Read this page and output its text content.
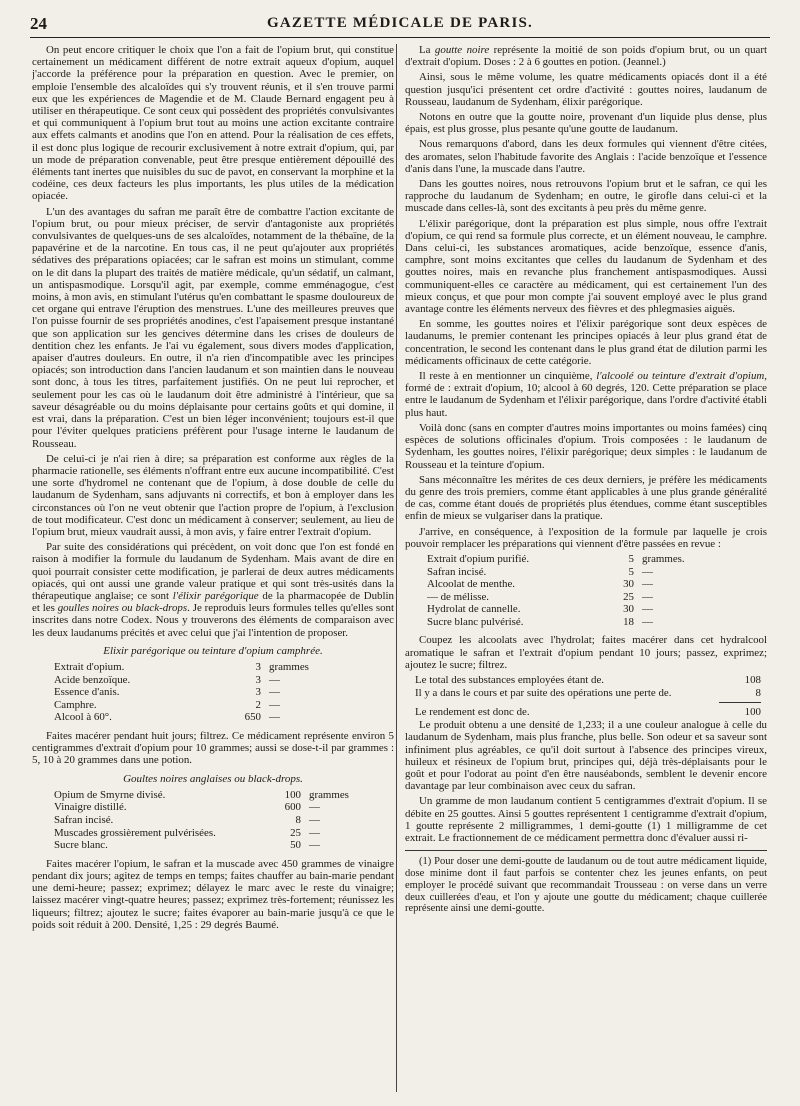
24	GAZETTE MÉDICALE DE PARIS.

On peut encore critiquer le choix que l'on a fait de l'opium brut, qui constitue certainement un médicament différent de notre extrait aqueux d'opium, auquel j'accorde la préférence pour la préparation en question. Avec le premier, on emploie l'ensemble des alcaloïdes qui s'y trouvent réunis, et il s'en trouve parmi eux que les expériences de Magendie et de M. Claude Bernard engagent peu à utiliser en thérapeutique. Ce sont ceux qui possèdent des propriétés convulsivantes et qui communiquent à l'opium brut tout au moins une action excitante contraire aux effets calmants et anodins que l'on en attend. Pour la réalisation de ces effets, il est donc plus logique de recourir exclusivement à notre extrait d'opium, qui, par un mode de préparation convenable, peut être presque entièrement dépouillé des éléments tant inertes que nuisibles du suc de pavot, en conservant la morphine et la codéine, ces deux facteurs les plus importants, les plus utiles de la médication opiacée.

L'un des avantages du safran me paraît être de combattre l'action excitante de l'opium brut, ou pour mieux préciser, de servir d'antagoniste aux propriétés convulsivantes de quelques-uns de ses alcaloïdes, notamment de la thébaïne, de la papavérine et de la narcotine. En tous cas, il ne peut qu'ajouter aux propriétés sédatives des préparations opiacées; car le safran est moins un stimulant, comme on le dit dans la plupart des traités de matière médicale, qu'un sédatif, un calmant, un antispasmodique. Lorsqu'il agit, par exemple, comme emménagogue, c'est moins, à mon avis, en stimulant l'utérus qu'en combattant le spasme douloureux de cet organe qui entrave l'éruption des menstrues. L'une des meilleures preuves que l'on puisse fournir de ses propriétés anodines, c'est l'apaisement presque instantané que son application sur les gencives détermine dans les crises de douleurs de dentition chez les enfants. Je l'ai vu également, sous divers modes d'application, apaiser d'autres douleurs. En outre, il n'a rien d'incompatible avec les principes opiacés; son introduction dans l'ancien laudanum et son maintien dans le nouveau sont donc, à tous les titres, parfaitement justifiés. On ne peut lui reprocher, et seulement pour les cas où le laudanum doit être administré à l'intérieur, que sa saveur désagréable ou du moins déplaisante pour certains goûts et qui domine, il est vrai, dans la préparation. C'est un bien léger inconvénient; toujours est-il que pour l'éviter quelques praticiens préfèrent pour l'usage interne le laudanum de Rousseau.

De celui-ci je n'ai rien à dire; sa préparation est conforme aux règles de la pharmacie rationelle, ses éléments n'offrant entre eux aucune incompatibilité. C'est une sorte d'hydromel ne contenant que de l'opium, à dose double de celle du laudanum de Sydenham, sans adjuvants ni correctifs, et bon à employer dans les circonstances où l'on ne veut obtenir que l'action propre de l'opium, à l'exclusion de tout modificateur. C'est donc un médicament à conserver; seulement, au lieu de l'opium brut, mieux vaudrait aussi, à mon avis, y faire entrer l'extrait d'opium.

Par suite des considérations qui précèdent, on voit donc que l'on est fondé en raison à modifier la formule du laudanum de Sydenham. Mais avant de dire en quoi pourrait consister cette modification, je parlerai de deux autres médicaments opiacés, qui ont aussi une grande valeur pratique et qui sont très-usités dans la thérapeutique anglaise; ce sont l'élixir parégorique de la pharmacopée de Dublin et les goulles noires ou black-drops. Je reproduis leurs formules telles qu'elles sont inscrites dans notre Codex. Nous y trouverons des éléments de comparaison avec les deux laudanums précités et avec celui que j'ai l'intention de proposer.

Elixir parégorique ou teinture d'opium camphrée.
Extrait d'opium.	3 grammes
Acide benzoïque.	3 —
Essence d'anis.	3 —
Camphre.	2 —
Alcool à 60°.	650 —

Faites macérer pendant huit jours; filtrez. Ce médicament représente environ 5 centigrammes d'extrait d'opium pour 10 grammes; aussi se dose-t-il par grammes : 5, 10 à 20 grammes dans une potion.

Goultes noires anglaises ou black-drops.
Opium de Smyrne divisé.	100 grammes
Vinaigre distillé.	600 —
Safran incisé.	8 —
Muscades grossièrement pulvérisées.	25 —
Sucre blanc.	50 —

Faites macérer l'opium, le safran et la muscade avec 450 grammes de vinaigre pendant dix jours; agitez de temps en temps; faites chauffer au bain-marie pendant une demi-heure; passez; exprimez; délayez le marc avec le reste du vinaigre; laissez macérer vingt-quatre heures; passez; exprimez très-fortement; réunissez les liqueurs; filtrez; ajoutez le sucre; faites évaporer au bain-marie jusqu'à ce que le poids soit réduit à 200. Densité, 1,25 : 29 degrés Baumé.

La goutte noire représente la moitié de son poids d'opium brut, ou un quart d'extrait d'opium. Doses : 2 à 6 gouttes en potion. (Jeannel.)

Ainsi, sous le même volume, les quatre médicaments opiacés dont il a été question jusqu'ici présentent cet ordre d'activité : gouttes noires, laudanum de Rousseau, laudanum de Sydenham, élixir parégorique.

Notons en outre que la goutte noire, provenant d'un liquide plus dense, plus épais, est plus grosse, plus pesante qu'une goutte de laudanum.

Nous remarquons d'abord, dans les deux formules qui viennent d'être citées, des aromates, selon l'habitude favorite des Anglais : l'acide benzoïque et l'essence d'anis dans l'une, la muscade dans l'autre.

Dans les gouttes noires, nous retrouvons l'opium brut et le safran, ce qui les rapproche du laudanum de Sydenham; en outre, le girofle dans celui-ci et la muscade dans celles-là, sont des excitants à peu près du même genre.

L'élixir parégorique, dont la préparation est plus simple, nous offre l'extrait d'opium, ce qui rend sa formule plus correcte, et un élément nouveau, le camphre. Dans celui-ci, les substances aromatiques, acide benzoïque, essence d'anis, camphre, sont moins excitantes que celles du laudanum de Sydenham et des gouttes noires, mais en revanche plus franchement antispasmodiques. Aussi communiquent-elles ce caractère au médicament, qui est certainement l'un des mieux conçus, et que pour mon compte j'ai souvent employé avec le plus grand avantage contre les éléments nerveux des fièvres et des phlegmasies aiguës.

En somme, les gouttes noires et l'élixir parégorique sont deux espèces de laudanums, le premier contenant les principes opiacés à leur plus grand état de concentration, le second les contenant dans le plus grand état de dilution parmi les médicaments officinaux de cette catégorie.

Il reste à en mentionner un cinquième, l'alcoolé ou teinture d'extrait d'opium, formé de : extrait d'opium, 10; alcool à 60 degrés, 120. Cette préparation se place entre le laudanum de Sydenham et l'élixir parégorique, dans l'ordre d'activité établi plus haut.

Voilà donc (sans en compter d'autres moins importantes ou moins famées) cinq espèces de solutions officinales d'opium. Trois composées : le laudanum de Sydenham, les gouttes noires, l'élixir parégorique; deux simples : le laudanum de Rousseau et la teinture d'opium.

Sans méconnaître les mérites de ces deux derniers, je préfère les médicaments du genre des trois premiers, comme étant applicables à une plus grande généralité de cas, comme étant doués de propriétés plus étendues, comme étant susceptibles enfin de mieux se vulgariser dans la pratique.

J'arrive, en conséquence, à l'exposition de la formule par laquelle je crois pouvoir remplacer les préparations qui viennent d'être passées en revue :

Extrait d'opium purifié.	5 grammes.
Safran incisé.	5 —
Alcoolat de menthe.	30 —
— de mélisse.	25 —
Hydrolat de cannelle.	30 —
Sucre blanc pulvérisé.	18 —

Coupez les alcoolats avec l'hydrolat; faites macérer dans cet hydralcool aromatique le safran et l'extrait d'opium pendant 10 jours; passez, exprimez; ajoutez le sucre; filtrez.

Le total des substances employées étant de.	108
Il y a dans le cours et par suite des opérations une perte de.	8
Le rendement est donc de.	100

Le produit obtenu a une densité de 1,233; il a une couleur analogue à celle du laudanum de Sydenham, mais plus franche, plus belle. Son odeur et sa saveur sont infiniment plus agréables, ce qu'il doit surtout à l'absence des principes vireux, huileux et résineux de l'opium brut, principes qui, déjà très-déplaisants pour le goût et pour l'odorat au point d'en être nauséabonds, semblent le devenir encore davantage par leur combinaison avec ceux du safran.

Un gramme de mon laudanum contient 5 centigrammes d'extrait d'opium. Il se débite en 25 gouttes. Ainsi 5 gouttes représentent 1 centigramme d'extrait d'opium, 1 goutte représente 2 milligrammes, 1 demi-goutte (1) 1 milligramme de cet extrait. Le fractionnement de ce médicament permettra donc d'évaluer aussi ri-

(1) Pour doser une demi-goutte de laudanum ou de tout autre médicament liquide, dose minime dont il faut parfois se contenter chez les jeunes enfants, on peut employer le procédé suivant que recommandait Trousseau : on verse dans un verre deux cuillerées d'eau, et l'on y ajoute une goutte du médicament; chaque cuillerée représente ainsi une demi-goutte.
